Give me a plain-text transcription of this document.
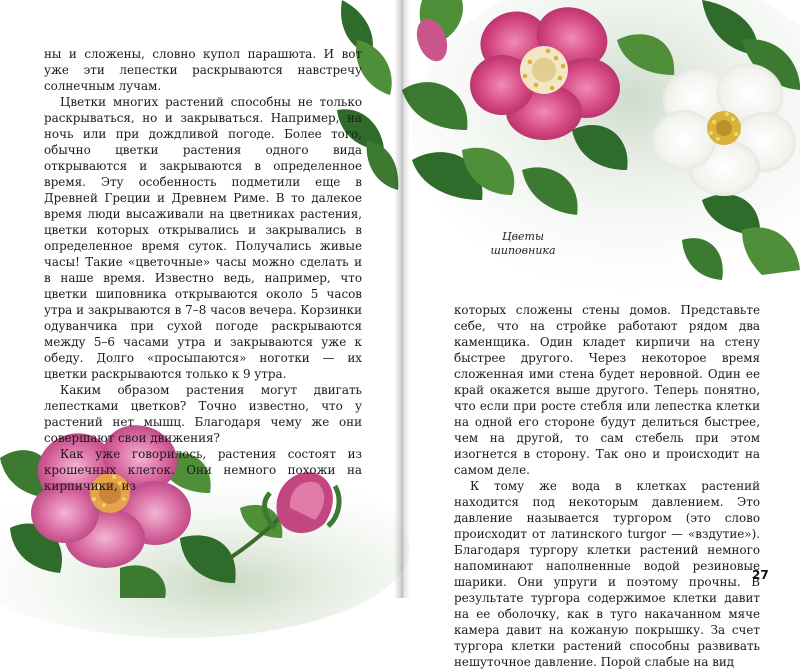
ны и сложены, словно купол парашюта. И вот уже эти лепестки раскрываются навстречу солнечным лучам.

Цветки многих растений способны не только раскрываться, но и закрываться. Например, на ночь или при дождливой погоде. Более того, обычно цветки растения одного вида открываются и закрываются в определенное время. Эту особенность подметили еще в Древней Греции и Древнем Риме. В то далекое время люди высаживали на цветниках растения, цветки которых открывались и закрывались в определенное время суток. Получались живые часы! Такие «цветочные» часы можно сделать и в наше время. Известно ведь, например, что цветки шиповника открываются около 5 часов утра и закрываются в 7–8 часов вечера. Корзинки одуванчика при сухой погоде раскрываются между 5–6 часами утра и закрываются уже к обеду. Долго «просыпаются» ноготки — их цветки раскрываются только к 9 утра.

Каким образом растения могут двигать лепестками цветков? Точно известно, что у растений нет мышц. Благодаря чему же они совершают свои движения?

Как уже говорилось, растения состоят из крошечных клеток. Они немного похожи на кирпичики, из

Цветы
шиповника

которых сложены стены домов. Представьте себе, что на стройке работают рядом два каменщика. Один кладет кирпичи на стену быстрее другого. Через некоторое время сложенная ими стена будет неровной. Один ее край окажется выше другого. Теперь понятно, что если при росте стебля или лепестка клетки на одной его стороне будут делиться быстрее, чем на другой, то сам стебель при этом изогнется в сторону. Так оно и происходит на самом деле.

К тому же вода в клетках растений находится под некоторым давлением. Это давление называется тургором (это слово происходит от латинского turgor — «вздутие»). Благодаря тургору клетки растений немного напоминают наполненные водой резиновые шарики. Они упруги и поэтому прочны. В результате тургора содержимое клетки давит на ее оболочку, как в туго накачанном мяче камера давит на кожаную покрышку. За счет тургора клетки растений способны развивать нешуточное давление. Порой слабые на вид

27
